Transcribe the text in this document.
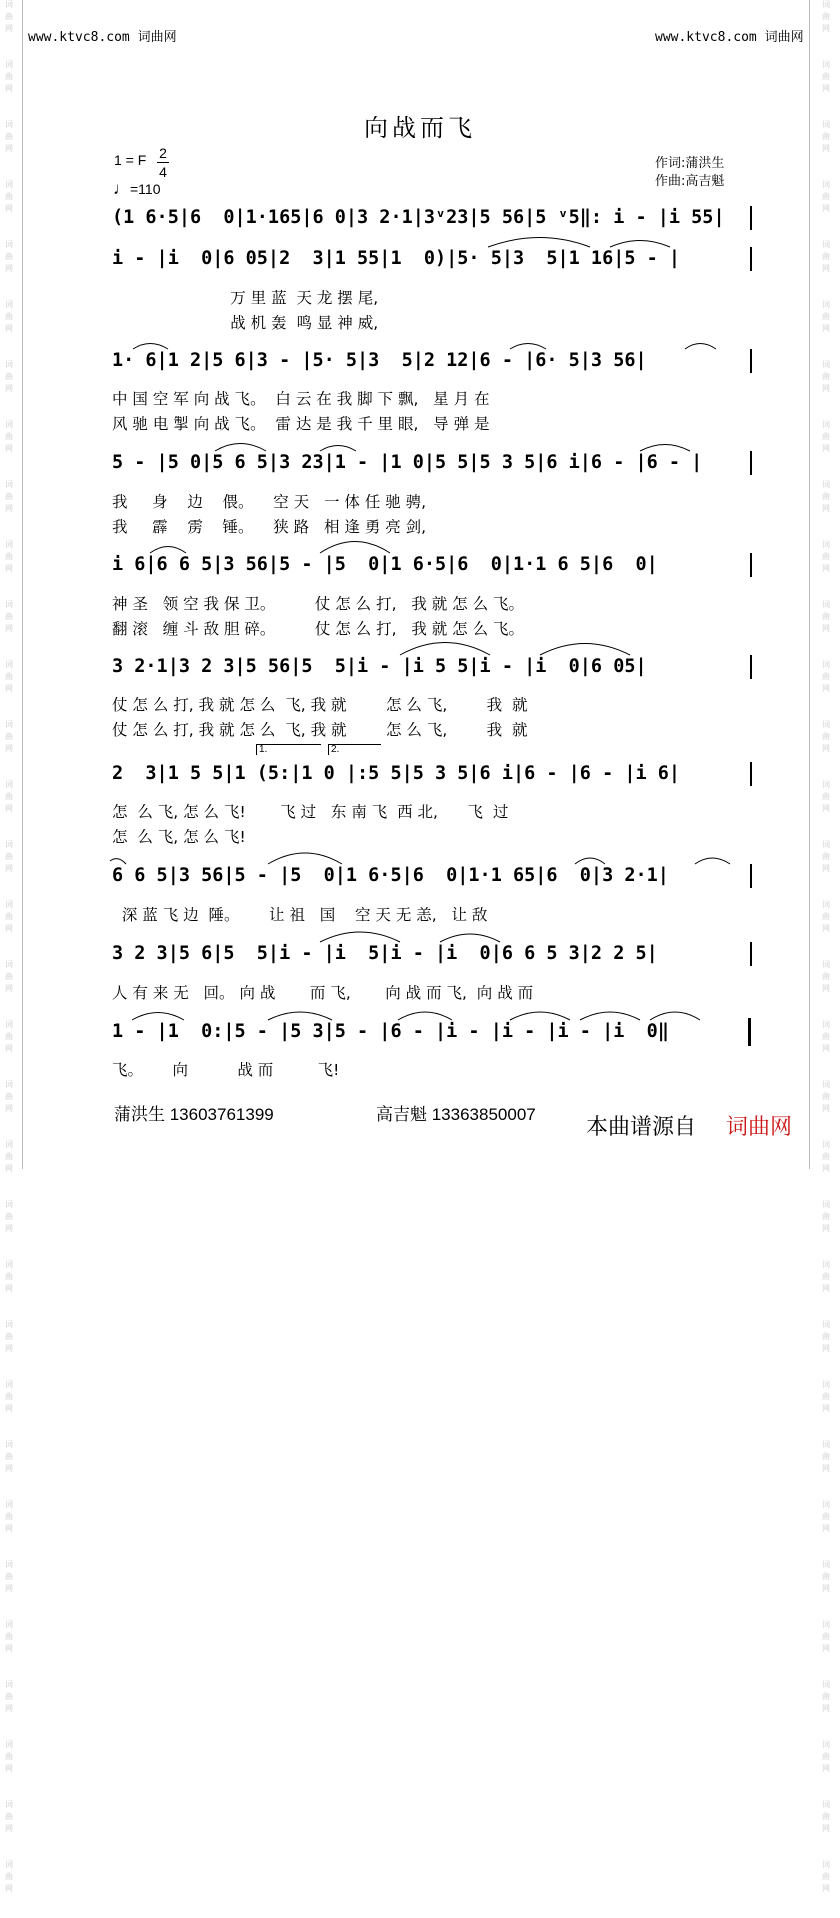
词
曲
网
词
曲
网
词
曲
网
词
曲
网
词
曲
网
词
曲
网
词
曲
网
词
曲
网
词
曲
网
词
曲
网
词
曲
网
词
曲
网
词
曲
网
词
曲
网
词
曲
网
词
曲
网
词
曲
网
词
曲
网
词
曲
网
词
曲
网
词
曲
网
词
曲
网
词
曲
网
词
曲
网
词
曲
网
词
曲
网
词
曲
网
词
曲
网
词
曲
网
词
曲
网
词
曲
网
词
曲
网
词
曲
网
词
曲
网
词
曲
网
词
曲
网
词
曲
网
词
曲
网
词
曲
网
词
曲
网
词
曲
网
词
曲
网
词
曲
网
词
曲
网
词
曲
网
词
曲
网
词
曲
网
词
曲
网
词
曲
网
词
曲
网
词
曲
网
词
曲
网
词
曲
网
词
曲
网
词
曲
网
词
曲
网
词
曲
网
词
曲
网
词
曲
网
词
曲
网
词
曲
网
词
曲
网
词
曲
网
词
曲
网
www.ktvc8.com 词曲网	www.ktvc8.com 词曲网
向战而飞
1 = F 2
4
♩=110
作词:蒲洪生
作曲:高吉魁
(1 6·5|6  0|1·165|6 0|3 2·1|3ᵛ23|5 56|5 ᵛ5‖: i - |i 55|
i - |i  0|6 05|2  3|1 55|1  0)|5· 5|3  5|1 16|5 - |
万 里 蓝  天 龙 摆 尾,
战 机 轰  鸣 显 神 威,
1· 6|1 2|5 6|3 - |5· 5|3  5|2 12|6 - |6· 5|3 56|
中 国 空 军 向 战 飞。  白 云 在 我 脚 下 飘,   星 月 在
风 驰 电 掣 向 战 飞。  雷 达 是 我 千 里 眼,   导 弹 是
5 - |5 0|5 6 5|3 23|1 - |1 0|5 5|5 3 5|6 i|6 - |6 - |
我     身    边    偎。    空 天   一 体 任 驰 骋,
我     霹    雳    锤。    狭 路   相 逢 勇 亮 剑,
i 6|6 6 5|3 56|5 - |5  0|1 6·5|6  0|1·1 6 5|6  0|
神 圣   领 空 我 保 卫。        仗 怎 么 打,   我 就 怎 么 飞。
翻 滚   缠 斗 敌 胆 碎。        仗 怎 么 打,   我 就 怎 么 飞。
3 2·1|3 2 3|5 56|5  5|i - |i 5 5|i - |i  0|6 05|
仗 怎 么 打, 我 就 怎 么  飞, 我 就        怎 么 飞,        我  就
仗 怎 么 打, 我 就 怎 么  飞, 我 就        怎 么 飞,        我  就
1.	2.
2  3|1 5 5|1 (5:|1 0 |:5 5|5 3 5|6 i|6 - |6 - |i 6|
怎  么 飞, 怎 么 飞!       飞 过   东 南 飞  西 北,      飞  过
怎  么 飞, 怎 么 飞!
6 6 5|3 56|5 - |5  0|1 6·5|6  0|1·1 65|6  0|3 2·1|
深 蓝 飞 边  陲。      让 祖   国    空 天 无 恙,   让 敌
3 2 3|5 6|5  5|i - |i  5|i - |i  0|6 6 5 3|2 2 5|
人 有 来 无   回。 向 战       而 飞,       向 战 而 飞,  向 战 而
1 - |1  0:|5 - |5 3|5 - |6 - |i - |i - |i - |i  0‖
飞。      向          战 而         飞!
蒲洪生 13603761399	高吉魁 13363850007
本曲谱源自 词曲网
